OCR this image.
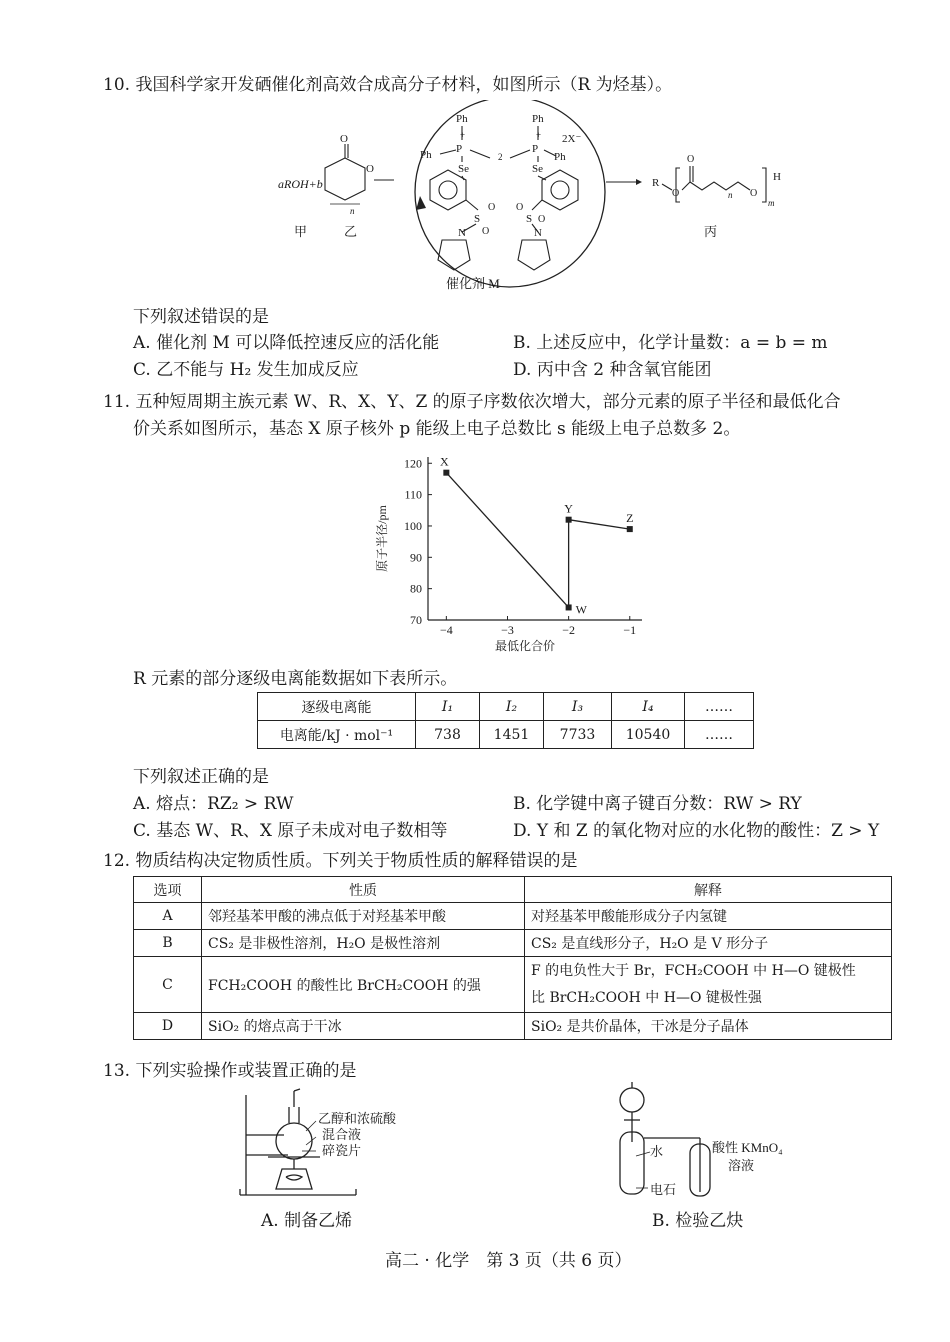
10. 我国科学家开发硒催化剂高效合成高分子材料，如图所示（R 为烃基）。
aROH+b
O
O
n
Ph	Ph
2X⁻
+	+
P	P
2
Ph	Ph
Se	Se
S	S
O
O
O
O
N	N
R
O
O
n O
H
m
甲	乙	丙
催化剂 M
下列叙述错误的是
A. 催化剂 M 可以降低控速反应的活化能	B. 上述反应中，化学计量数：a = b = m
C. 乙不能与 H₂ 发生加成反应	D. 丙中含 2 种含氧官能团
11. 五种短周期主族元素 W、R、X、Y、Z 的原子序数依次增大，部分元素的原子半径和最低化合
价关系如图所示，基态 X 原子核外 p 能级上电子总数比 s 能级上电子总数多 2。
70
80
90
100
110
120
−4	−3	−2	−1
X
W
Y
Z
原子半径/pm
最低化合价
R 元素的部分逐级电离能数据如下表所示。
逐级电离能	I₁	I₂	I₃	I₄	……
电离能/kJ · mol⁻¹	738	1451	7733	10540	……
下列叙述正确的是
A. 熔点：RZ₂ > RW	B. 化学键中离子键百分数：RW > RY
C. 基态 W、R、X 原子未成对电子数相等	D. Y 和 Z 的氧化物对应的水化物的酸性：Z > Y
12. 物质结构决定物质性质。下列关于物质性质的解释错误的是
选项	性质	解释
A	邻羟基苯甲酸的沸点低于对羟基苯甲酸	对羟基苯甲酸能形成分子内氢键
B	CS₂ 是非极性溶剂，H₂O 是极性溶剂	CS₂ 是直线形分子，H₂O 是 V 形分子
C	FCH₂COOH 的酸性比 BrCH₂COOH 的强	F 的电负性大于 Br，FCH₂COOH 中 H—O 键极性
比 BrCH₂COOH 中 H—O 键极性强

D	SiO₂ 的熔点高于干冰	SiO₂ 是共价晶体，干冰是分子晶体
13. 下列实验操作或装置正确的是
乙醇和浓硫酸
混合液
碎瓷片
A. 制备乙烯
水
电石
酸性 KMnO₄
溶液
B. 检验乙炔
高二 · 化学　第 3 页（共 6 页）
